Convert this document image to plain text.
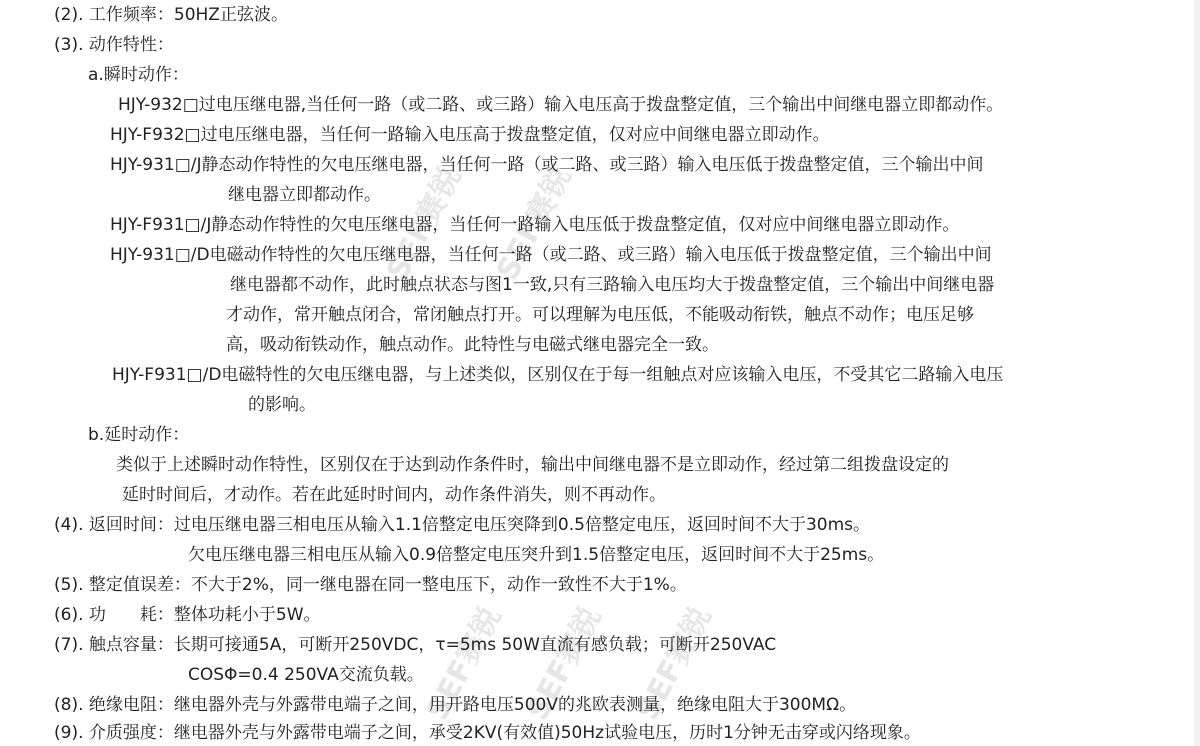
SEF赛锐 SEF赛锐
SEF赛锐 SEF赛锐 SEF赛锐
(2). 工作频率：50HZ正弦波。
(3). 动作特性：
a.瞬时动作：
HJY-932□过电压继电器,当任何一路（或二路、或三路）输入电压高于拨盘整定值，三个输出中间继电器立即都动作。
HJY-F932□过电压继电器，当任何一路输入电压高于拨盘整定值，仅对应中间继电器立即动作。
HJY-931□/J静态动作特性的欠电压继电器，当任何一路（或二路、或三路）输入电压低于拨盘整定值，三个输出中间
继电器立即都动作。
HJY-F931□/J静态动作特性的欠电压继电器，当任何一路输入电压低于拨盘整定值，仅对应中间继电器立即动作。
HJY-931□/D电磁动作特性的欠电压继电器，当任何一路（或二路、或三路）输入电压低于拨盘整定值，三个输出中间
继电器都不动作，此时触点状态与图1一致,只有三路输入电压均大于拨盘整定值，三个输出中间继电器
才动作，常开触点闭合，常闭触点打开。可以理解为电压低，不能吸动衔铁，触点不动作；电压足够
高，吸动衔铁动作，触点动作。此特性与电磁式继电器完全一致。
HJY-F931□/D电磁特性的欠电压继电器，与上述类似，区别仅在于每一组触点对应该输入电压，不受其它二路输入电压
的影响。
b.延时动作：
类似于上述瞬时动作特性，区别仅在于达到动作条件时，输出中间继电器不是立即动作，经过第二组拨盘设定的
延时时间后，才动作。若在此延时时间内，动作条件消失，则不再动作。
(4). 返回时间：过电压继电器三相电压从输入1.1倍整定电压突降到0.5倍整定电压，返回时间不大于30ms。
欠电压继电器三相电压从输入0.9倍整定电压突升到1.5倍整定电压，返回时间不大于25ms。
(5). 整定值误差：不大于2%，同一继电器在同一整电压下，动作一致性不大于1%。
(6). 功　　耗：整体功耗小于5W。
(7). 触点容量：长期可接通5A，可断开250VDC，τ=5ms 50W直流有感负载；可断开250VAC
COSΦ=0.4 250VA交流负载。
(8). 绝缘电阻：继电器外壳与外露带电端子之间，用开路电压500V的兆欧表测量，绝缘电阻大于300MΩ。
(9). 介质强度：继电器外壳与外露带电端子之间，承受2KV(有效值)50Hz试验电压，历时1分钟无击穿或闪络现象。
